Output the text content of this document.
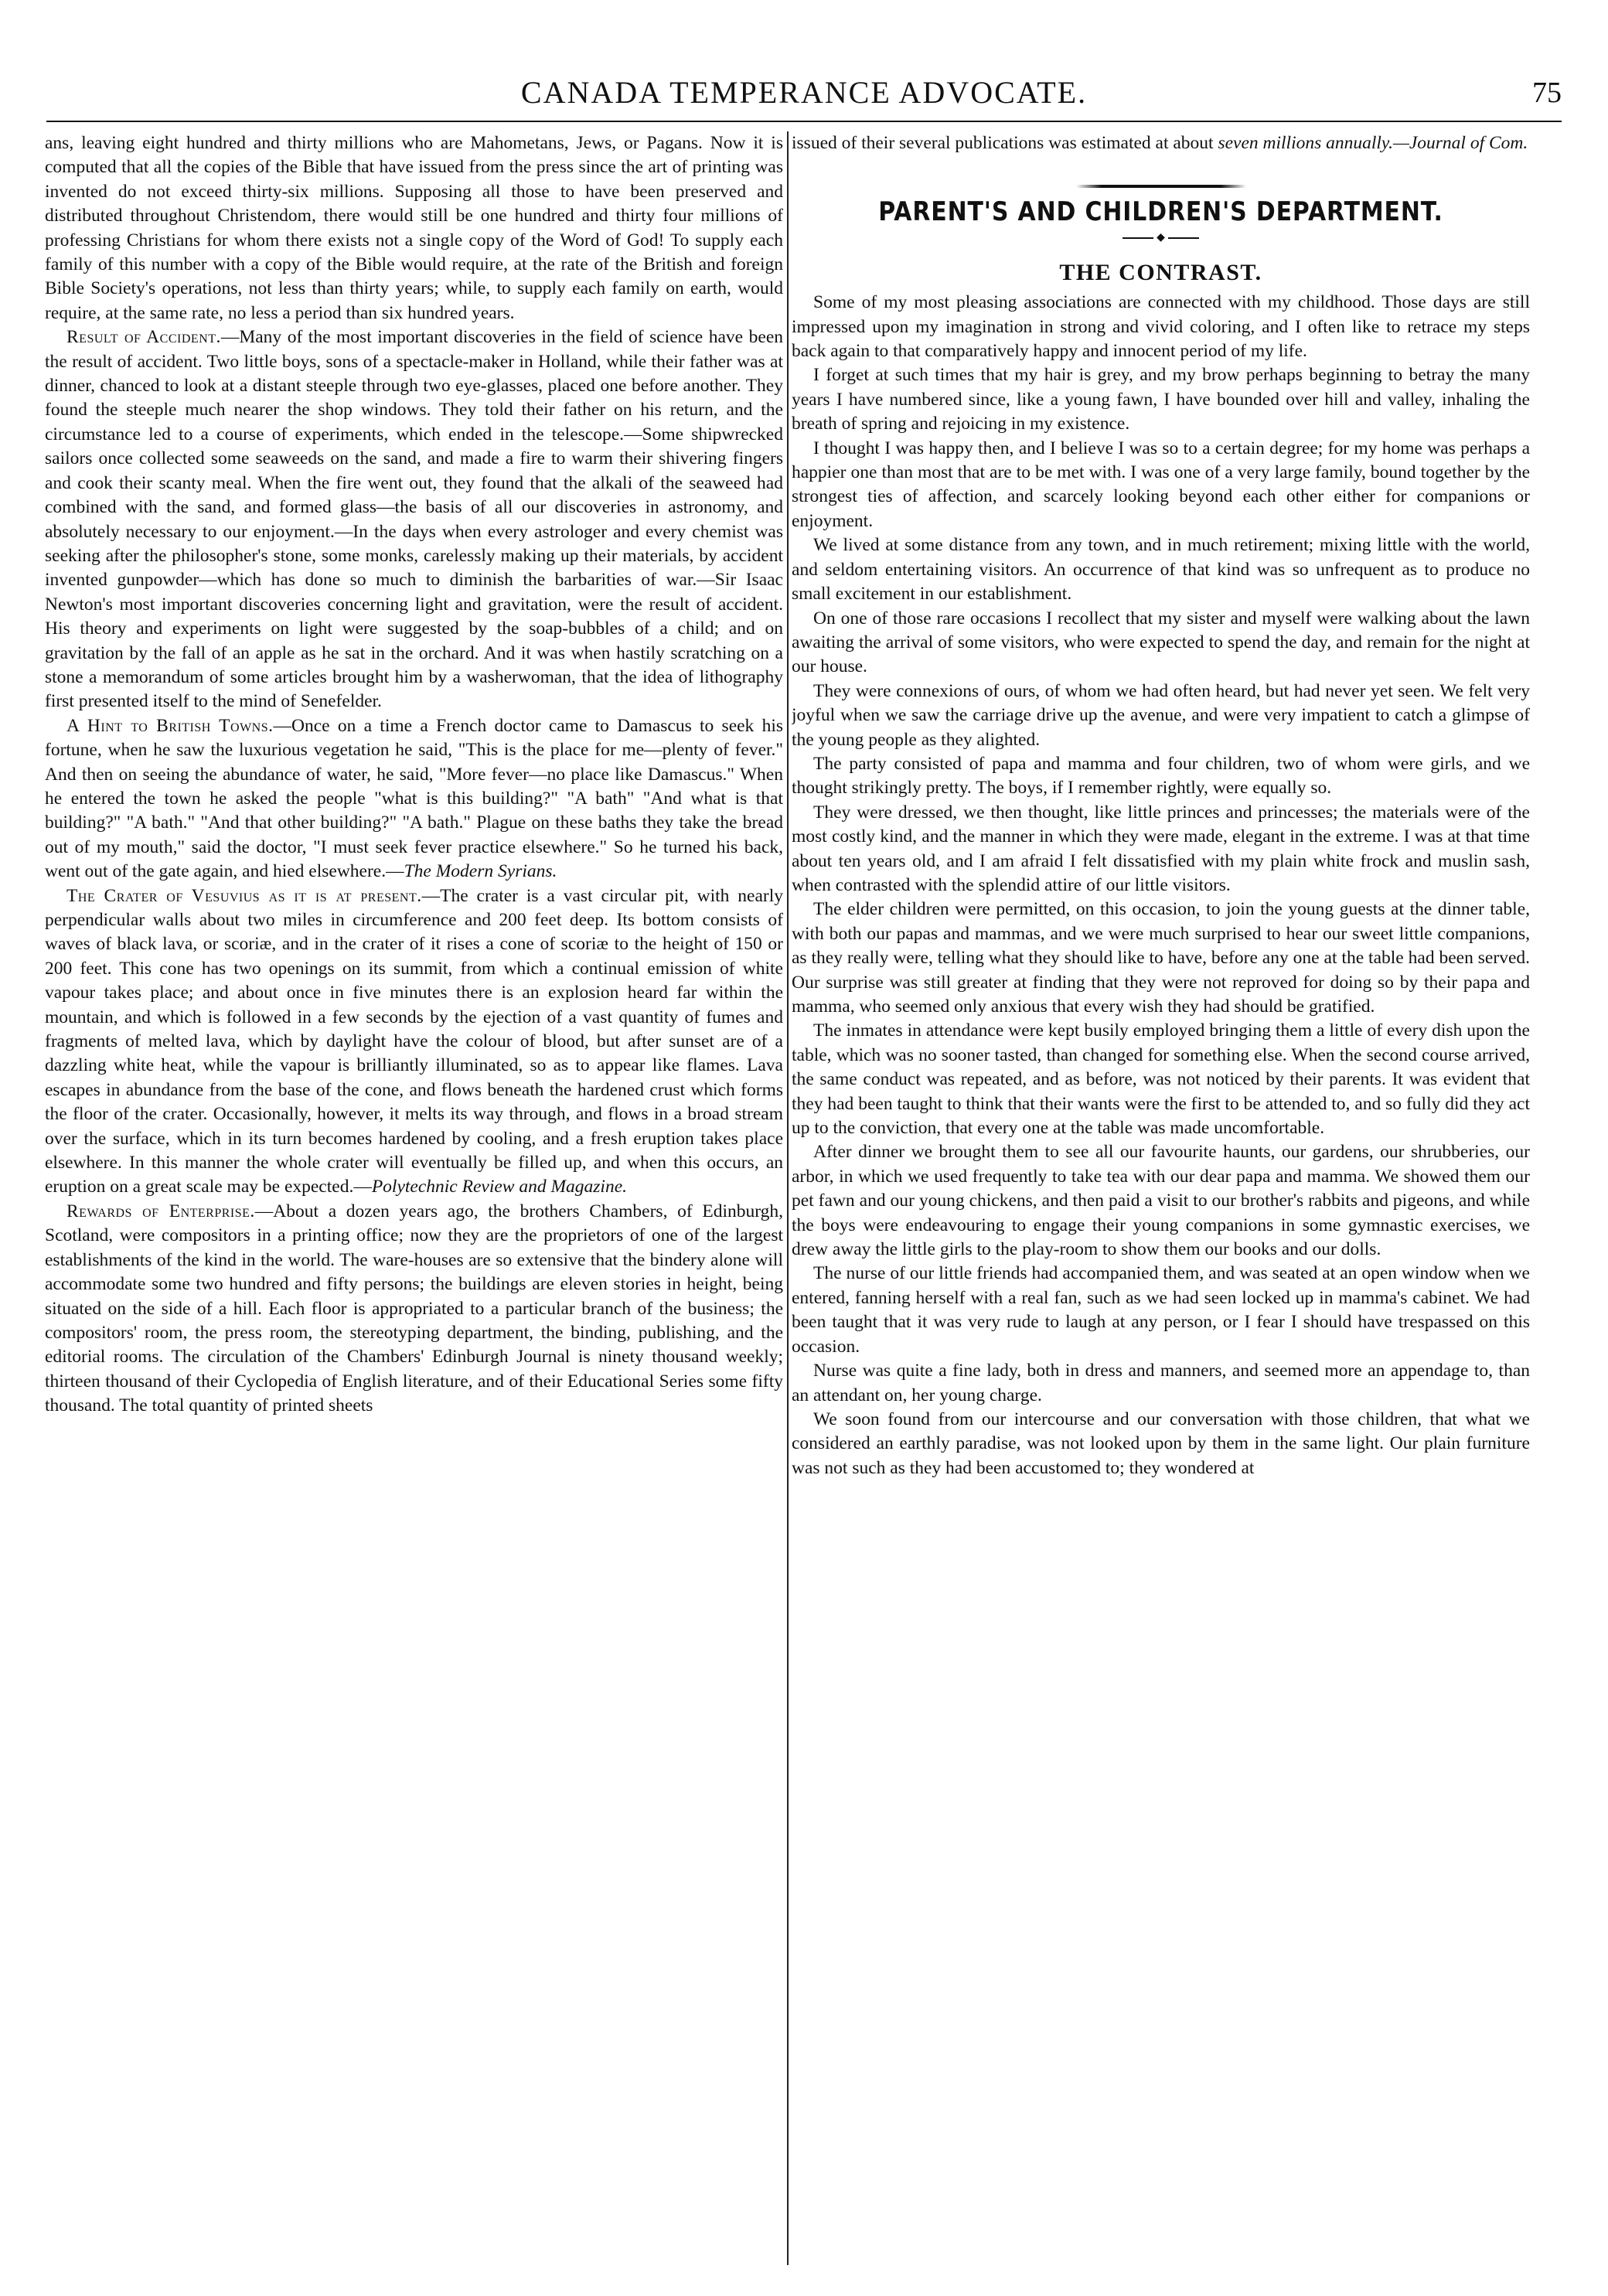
CANADA TEMPERANCE ADVOCATE.	75

ans, leaving eight hundred and thirty millions who are Mahometans, Jews, or Pagans. Now it is computed that all the copies of the Bible that have issued from the press since the art of printing was invented do not exceed thirty-six millions. Supposing all those to have been preserved and distributed throughout Christendom, there would still be one hundred and thirty four millions of professing Christians for whom there exists not a single copy of the Word of God! To supply each family of this number with a copy of the Bible would require, at the rate of the British and foreign Bible Society's operations, not less than thirty years; while, to supply each family on earth, would require, at the same rate, no less a period than six hundred years.

Result of Accident.—Many of the most important discoveries in the field of science have been the result of accident. Two little boys, sons of a spectacle-maker in Holland, while their father was at dinner, chanced to look at a distant steeple through two eye-glasses, placed one before another. They found the steeple much nearer the shop windows. They told their father on his return, and the circumstance led to a course of experiments, which ended in the telescope.—Some shipwrecked sailors once collected some seaweeds on the sand, and made a fire to warm their shivering fingers and cook their scanty meal. When the fire went out, they found that the alkali of the seaweed had combined with the sand, and formed glass—the basis of all our discoveries in astronomy, and absolutely necessary to our enjoyment.—In the days when every astrologer and every chemist was seeking after the philosopher's stone, some monks, carelessly making up their materials, by accident invented gunpowder—which has done so much to diminish the barbarities of war.—Sir Isaac Newton's most important discoveries concerning light and gravitation, were the result of accident. His theory and experiments on light were suggested by the soap-bubbles of a child; and on gravitation by the fall of an apple as he sat in the orchard. And it was when hastily scratching on a stone a memorandum of some articles brought him by a washerwoman, that the idea of lithography first presented itself to the mind of Senefelder.

A Hint to British Towns.—Once on a time a French doctor came to Damascus to seek his fortune, when he saw the luxurious vegetation he said, "This is the place for me—plenty of fever." And then on seeing the abundance of water, he said, "More fever—no place like Damascus." When he entered the town he asked the people "what is this building?" "A bath" "And what is that building?" "A bath." "And that other building?" "A bath." Plague on these baths they take the bread out of my mouth," said the doctor, "I must seek fever practice elsewhere." So he turned his back, went out of the gate again, and hied elsewhere.—The Modern Syrians.

The Crater of Vesuvius as it is at present.—The crater is a vast circular pit, with nearly perpendicular walls about two miles in circumference and 200 feet deep. Its bottom consists of waves of black lava, or scoriæ, and in the crater of it rises a cone of scoriæ to the height of 150 or 200 feet. This cone has two openings on its summit, from which a continual emission of white vapour takes place; and about once in five minutes there is an explosion heard far within the mountain, and which is followed in a few seconds by the ejection of a vast quantity of fumes and fragments of melted lava, which by daylight have the colour of blood, but after sunset are of a dazzling white heat, while the vapour is brilliantly illuminated, so as to appear like flames. Lava escapes in abundance from the base of the cone, and flows beneath the hardened crust which forms the floor of the crater. Occasionally, however, it melts its way through, and flows in a broad stream over the surface, which in its turn becomes hardened by cooling, and a fresh eruption takes place elsewhere. In this manner the whole crater will eventually be filled up, and when this occurs, an eruption on a great scale may be expected.—Polytechnic Review and Magazine.

Rewards of Enterprise.—About a dozen years ago, the brothers Chambers, of Edinburgh, Scotland, were compositors in a printing office; now they are the proprietors of one of the largest establishments of the kind in the world. The ware-houses are so extensive that the bindery alone will accommodate some two hundred and fifty persons; the buildings are eleven stories in height, being situated on the side of a hill. Each floor is appropriated to a particular branch of the business; the compositors' room, the press room, the stereotyping department, the binding, publishing, and the editorial rooms. The circulation of the Chambers' Edinburgh Journal is ninety thousand weekly; thirteen thousand of their Cyclopedia of English literature, and of their Educational Series some fifty thousand. The total quantity of printed sheets

issued of their several publications was estimated at about seven millions annually.—Journal of Com.

PARENT'S AND CHILDREN'S DEPARTMENT.
◆
THE CONTRAST.

Some of my most pleasing associations are connected with my childhood. Those days are still impressed upon my imagination in strong and vivid coloring, and I often like to retrace my steps back again to that comparatively happy and innocent period of my life.

I forget at such times that my hair is grey, and my brow perhaps beginning to betray the many years I have numbered since, like a young fawn, I have bounded over hill and valley, inhaling the breath of spring and rejoicing in my existence.

I thought I was happy then, and I believe I was so to a certain degree; for my home was perhaps a happier one than most that are to be met with. I was one of a very large family, bound together by the strongest ties of affection, and scarcely looking beyond each other either for companions or enjoyment.

We lived at some distance from any town, and in much retirement; mixing little with the world, and seldom entertaining visitors. An occurrence of that kind was so unfrequent as to produce no small excitement in our establishment.

On one of those rare occasions I recollect that my sister and myself were walking about the lawn awaiting the arrival of some visitors, who were expected to spend the day, and remain for the night at our house.

They were connexions of ours, of whom we had often heard, but had never yet seen. We felt very joyful when we saw the carriage drive up the avenue, and were very impatient to catch a glimpse of the young people as they alighted.

The party consisted of papa and mamma and four children, two of whom were girls, and we thought strikingly pretty. The boys, if I remember rightly, were equally so.

They were dressed, we then thought, like little princes and princesses; the materials were of the most costly kind, and the manner in which they were made, elegant in the extreme. I was at that time about ten years old, and I am afraid I felt dissatisfied with my plain white frock and muslin sash, when contrasted with the splendid attire of our little visitors.

The elder children were permitted, on this occasion, to join the young guests at the dinner table, with both our papas and mammas, and we were much surprised to hear our sweet little companions, as they really were, telling what they should like to have, before any one at the table had been served. Our surprise was still greater at finding that they were not reproved for doing so by their papa and mamma, who seemed only anxious that every wish they had should be gratified.

The inmates in attendance were kept busily employed bringing them a little of every dish upon the table, which was no sooner tasted, than changed for something else. When the second course arrived, the same conduct was repeated, and as before, was not noticed by their parents. It was evident that they had been taught to think that their wants were the first to be attended to, and so fully did they act up to the conviction, that every one at the table was made uncomfortable.

After dinner we brought them to see all our favourite haunts, our gardens, our shrubberies, our arbor, in which we used frequently to take tea with our dear papa and mamma. We showed them our pet fawn and our young chickens, and then paid a visit to our brother's rabbits and pigeons, and while the boys were endeavouring to engage their young companions in some gymnastic exercises, we drew away the little girls to the play-room to show them our books and our dolls.

The nurse of our little friends had accompanied them, and was seated at an open window when we entered, fanning herself with a real fan, such as we had seen locked up in mamma's cabinet. We had been taught that it was very rude to laugh at any person, or I fear I should have trespassed on this occasion.

Nurse was quite a fine lady, both in dress and manners, and seemed more an appendage to, than an attendant on, her young charge.

We soon found from our intercourse and our conversation with those children, that what we considered an earthly paradise, was not looked upon by them in the same light. Our plain furniture was not such as they had been accustomed to; they wondered at
